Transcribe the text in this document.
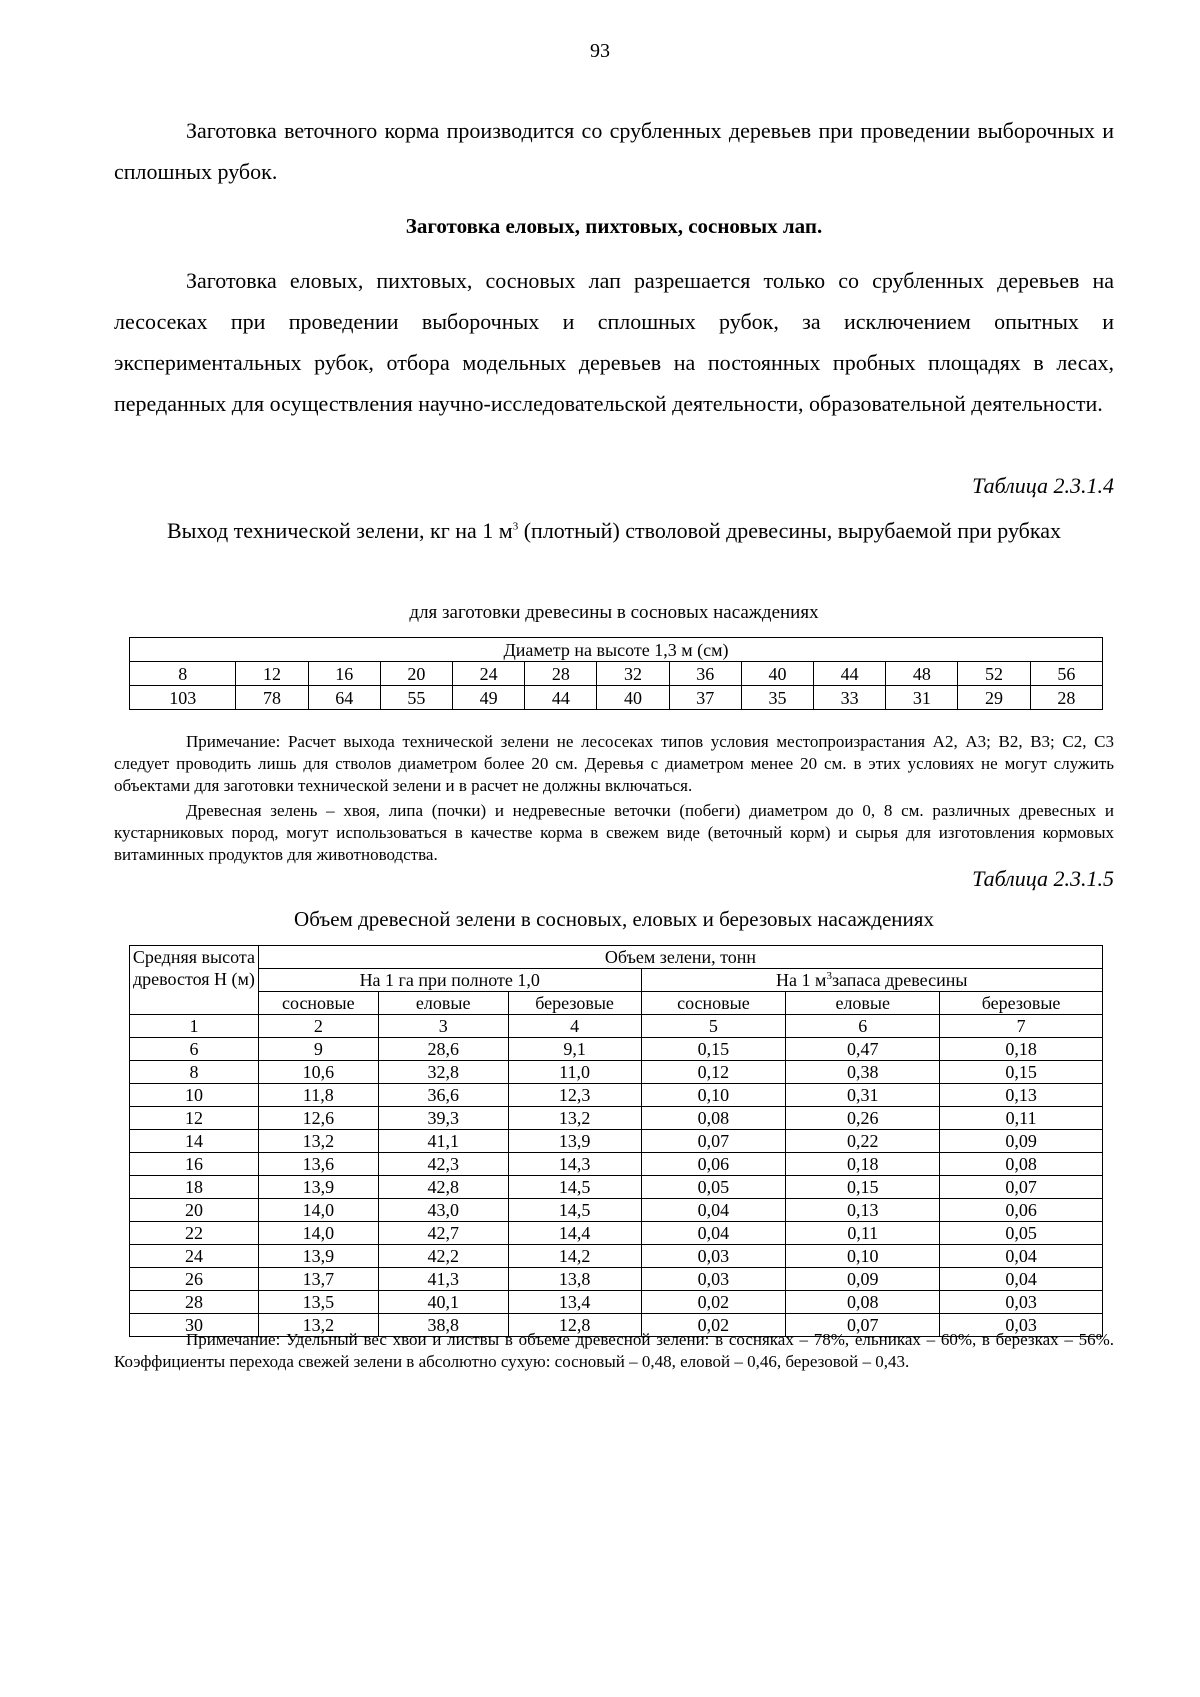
93

Заготовка веточного корма производится со срубленных деревьев при проведении выборочных и сплошных рубок.

Заготовка еловых, пихтовых, сосновых лап.

Заготовка еловых, пихтовых, сосновых лап разрешается только со срубленных деревьев на лесосеках при проведении выборочных и сплошных рубок, за исключением опытных и экспериментальных рубок, отбора модельных деревьев на постоянных пробных площадях в лесах, переданных для осуществления научно-исследовательской деятельности, образовательной деятельности.

Таблица 2.3.1.4

Выход технической зелени, кг на 1 $м^3$ (плотный) стволовой древесины, вырубаемой при рубках

для заготовки древесины в сосновых насаждениях

Диаметр на высоте 1,3 м (см)												
8	12	16	20	24	28	32	36	40	44	48	52	56
103	78	64	55	49	44	40	37	35	33	31	29	28

Примечание: Расчет выхода технической зелени не лесосеках типов условия местопроизрастания А2, А3; В2, В3; С2, С3 следует проводить лишь для стволов диаметром более 20 см. Деревья с диаметром менее 20 см. в этих условиях не могут служить объектами для заготовки технической зелени и в расчет не должны включаться.

Древесная зелень – хвоя, липа (почки) и недревесные веточки (побеги) диаметром до 0, 8 см. различных древесных и кустарниковых пород, могут использоваться в качестве корма в свежем виде (веточный корм) и сырья для изготовления кормовых витаминных продуктов для животноводства.

Таблица 2.3.1.5

Объем древесной зелени в сосновых, еловых и березовых насаждениях

Средняя высота древостоя Н (м)	Объем зелени, тонн					
	На 1 га при полноте 1,0			На 1 $м^3запаса$ древесины		
	сосновые	еловые	березовые	сосновые	еловые	березовые
1	2	3	4	5	6	7
6	9	28,6	9,1	0,15	0,47	0,18
8	10,6	32,8	11,0	0,12	0,38	0,15
10	11,8	36,6	12,3	0,10	0,31	0,13
12	12,6	39,3	13,2	0,08	0,26	0,11
14	13,2	41,1	13,9	0,07	0,22	0,09
16	13,6	42,3	14,3	0,06	0,18	0,08
18	13,9	42,8	14,5	0,05	0,15	0,07
20	14,0	43,0	14,5	0,04	0,13	0,06
22	14,0	42,7	14,4	0,04	0,11	0,05
24	13,9	42,2	14,2	0,03	0,10	0,04
26	13,7	41,3	13,8	0,03	0,09	0,04
28	13,5	40,1	13,4	0,02	0,08	0,03
30	13,2	38,8	12,8	0,02	0,07	0,03

Примечание: Удельный вес хвои и листвы в объеме древесной зелени: в сосняках – 78%, ельниках – 60%, в березках – 56%. Коэффициенты перехода свежей зелени в абсолютно сухую: сосновый – 0,48, еловой – 0,46, березовой – 0,43.
